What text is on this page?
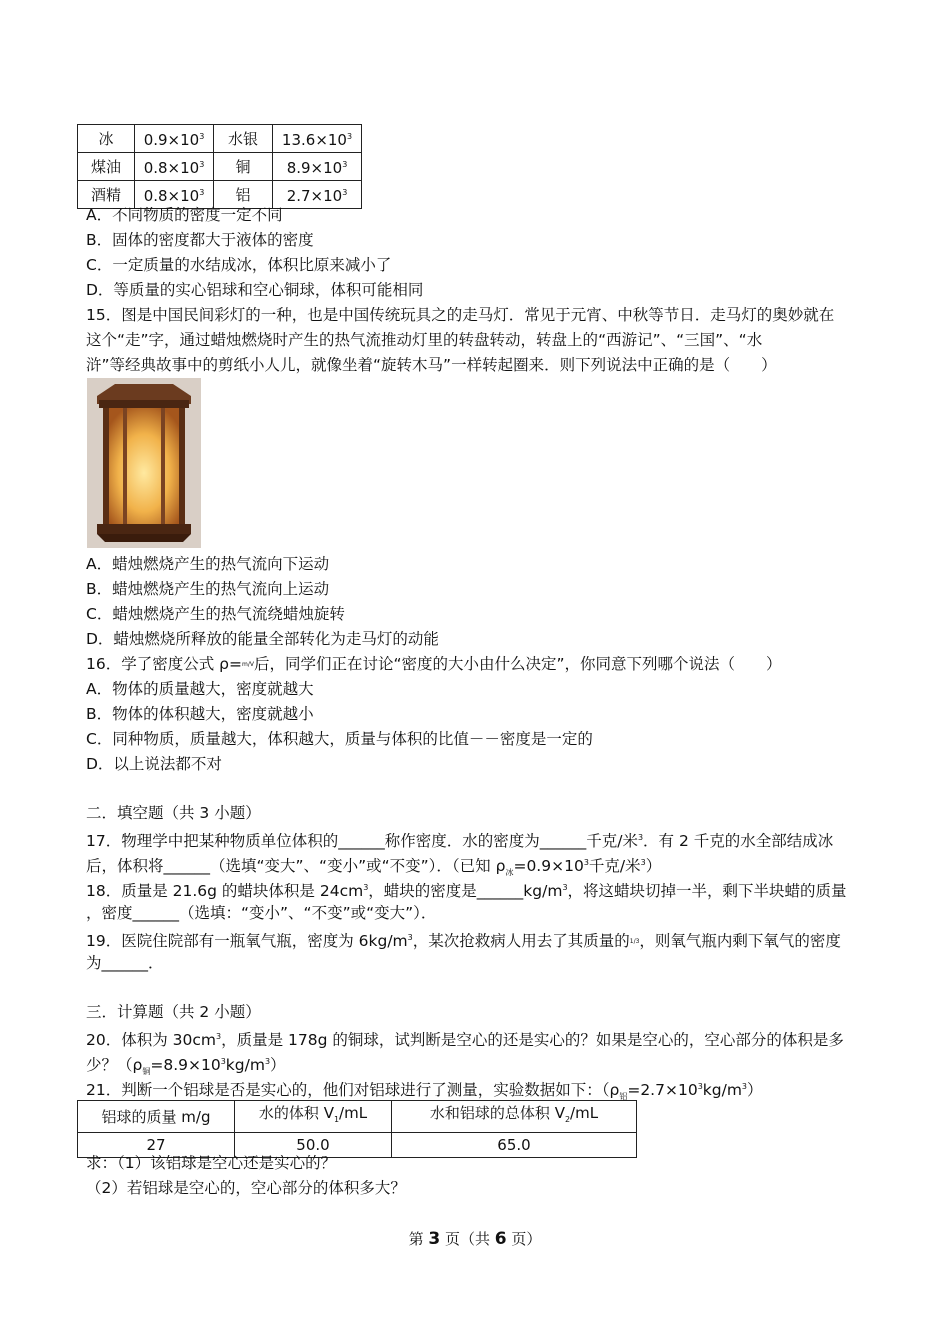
冰	$0.9\times 10^3$	水银	$13.6\times 10^3$
煤油	$0.8\times 10^3$	铜	$8.9\times 10^3$
酒精	$0.8\times 10^3$	铝	$2.7\times 10^3$
A．不同物质的密度一定不同
B．固体的密度都大于液体的密度
C．一定质量的水结成冰，体积比原来减小了
D．等质量的实心铝球和空心铜球，体积可能相同
15．图是中国民间彩灯的一种，也是中国传统玩具之的走马灯．常见于元宵、中秋等节日．走马灯的奥妙就在
这个“走”字，通过蜡烛燃烧时产生的热气流推动灯里的转盘转动，转盘上的“西游记”、“三国”、“水
浒”等经典故事中的剪纸小人儿，就像坐着“旋转木马”一样转起圈来．则下列说法中正确的是（　　）
A．蜡烛燃烧产生的热气流向下运动
B．蜡烛燃烧产生的热气流向上运动
C．蜡烛燃烧产生的热气流绕蜡烛旋转
D．蜡烛燃烧所释放的能量全部转化为走马灯的动能
16．学了密度公式 ρ=m/V后，同学们正在讨论“密度的大小由什么决定”，你同意下列哪个说法（　　）
A．物体的质量越大，密度就越大
B．物体的体积越大，密度就越小
C．同种物质，质量越大，体积越大，质量与体积的比值－－密度是一定的
D．以上说法都不对
二．填空题（共 3 小题）
17．物理学中把某种物质单位体积的______称作密度．水的密度为______千克/米$^3$．有 2 千克的水全部结成冰
后，体积将______（选填“变大”、“变小”或“不变”）．（已知 $\rho_冰=0.9\times 10^3$千克/米$^3$）
18．质量是 21.6g 的蜡块体积是 $24cm^3$，蜡块的密度是$\_\_\_\_\_\_kg/m^3$，将这蜡块切掉一半，剩下半块蜡的质量
，密度______（选填：“变小”、“不变”或“变大”）．
19．医院住院部有一瓶氧气瓶，密度为 $6kg/m^3$，某次抢救病人用去了其质量的1/3，则氧气瓶内剩下氧气的密度
为______．
三．计算题（共 2 小题）
20．体积为 $30cm^3$，质量是 178g 的铜球，试判断是空心的还是实心的？如果是空心的，空心部分的体积是多
少？$(\rho_铜=8.9\times 10^3kg/m^3)$
21．判断一个铝球是否是实心的，他们对铝球进行了测量，实验数据如下：$(\rho_铝=2.7\times 10^3kg/m^3)$
铝球的质量 m/g	水的体积 $V_1/mL$	水和铝球的总体积 $V_2/mL$
27	50.0	65.0
求：（1）该铝球是空心还是实心的？
（2）若铝球是空心的，空心部分的体积多大？
第 3 页（共 6 页）
